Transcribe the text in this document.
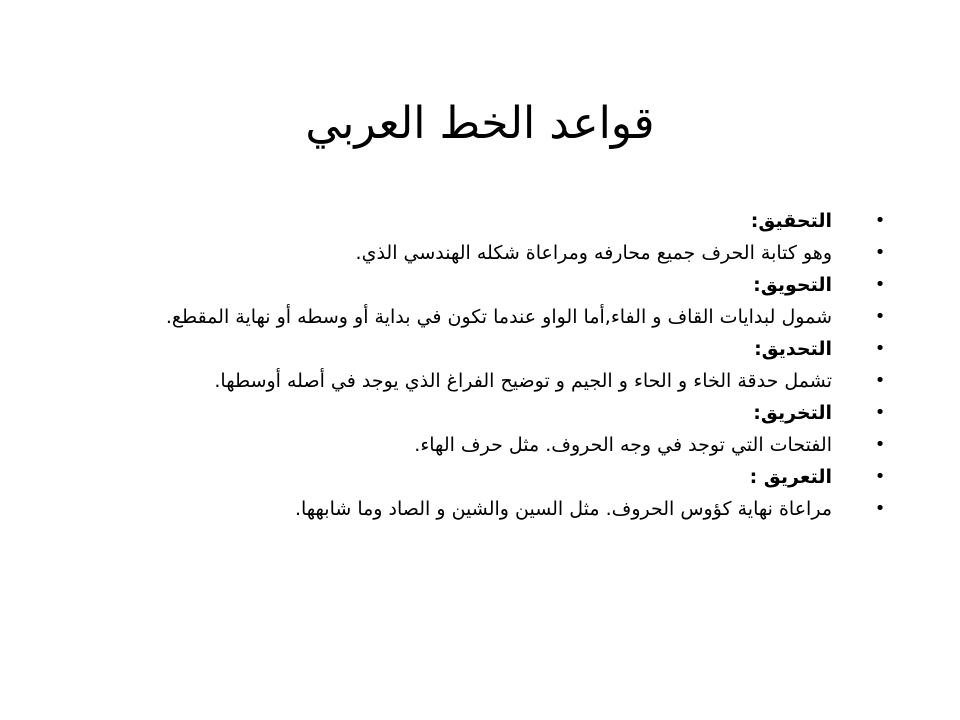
قواعد الخط العربي
•
التحقيق:
•
وهو كتابة الحرف جميع محارفه ومراعاة شكله الهندسي الذي.
•
التحويق:
•
شمول لبدايات القاف و الفاء,أما الواو عندما تكون في بداية أو وسطه أو نهاية المقطع.
•
التحديق:
•
تشمل حدقة الخاء و الحاء و الجيم و توضيح الفراغ الذي يوجد في أصله أوسطها.
•
التخريق:
•
الفتحات التي توجد في وجه الحروف. مثل حرف الهاء.
•
التعريق :
•
مراعاة نهاية كؤوس الحروف. مثل السين والشين و الصاد وما شابهها.
